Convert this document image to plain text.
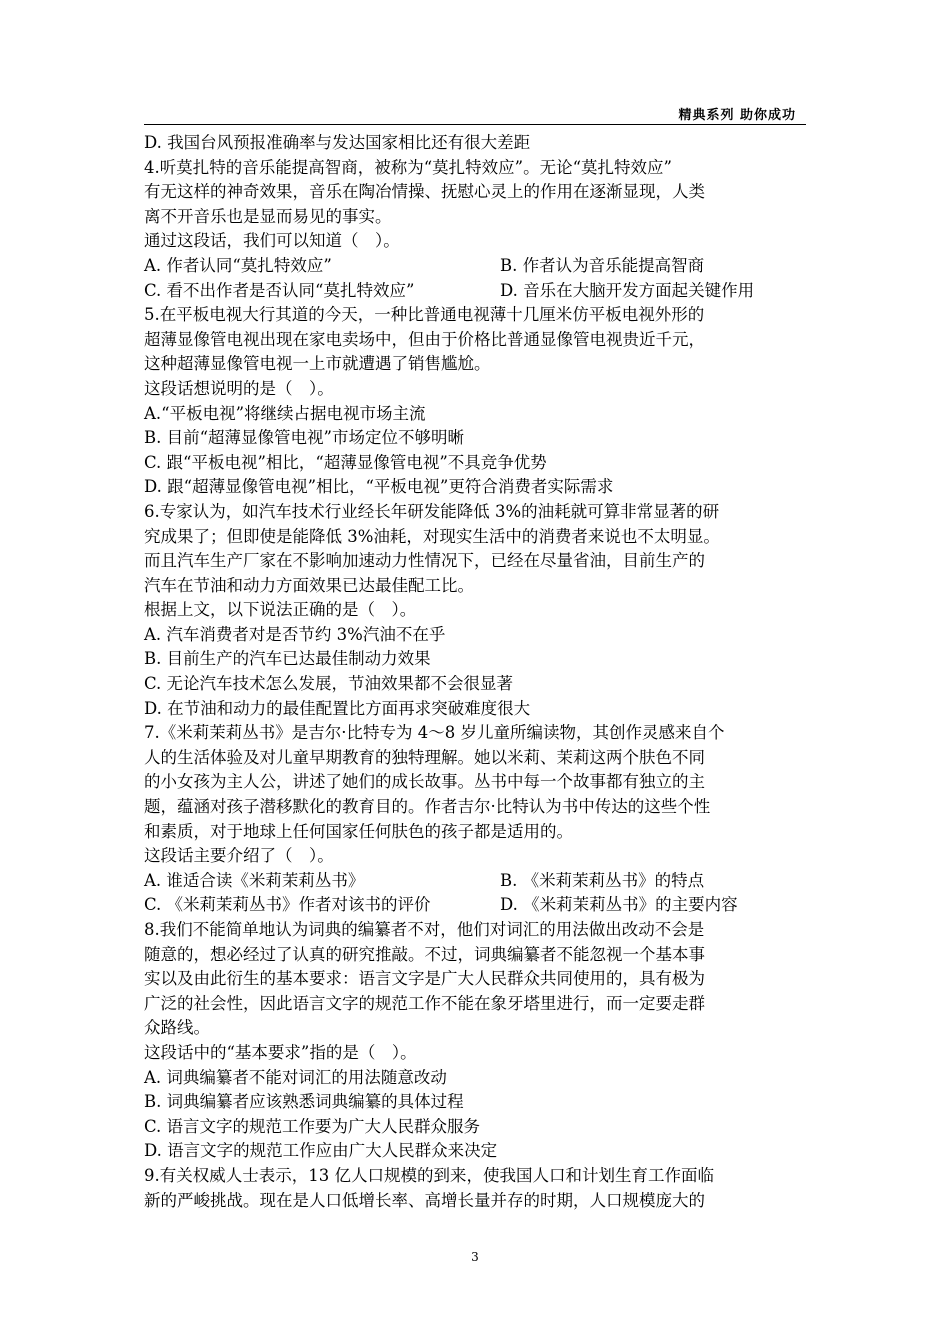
精典系列 助你成功
D. 我国台风预报准确率与发达国家相比还有很大差距
4.听莫扎特的音乐能提高智商，被称为“莫扎特效应”。无论“莫扎特效应”
有无这样的神奇效果，音乐在陶冶情操、抚慰心灵上的作用在逐渐显现，人类
离不开音乐也是显而易见的事实。
通过这段话，我们可以知道（　）。
A. 作者认同“莫扎特效应”	B. 作者认为音乐能提高智商
C. 看不出作者是否认同“莫扎特效应”	D. 音乐在大脑开发方面起关键作用
5.在平板电视大行其道的今天，一种比普通电视薄十几厘米仿平板电视外形的
超薄显像管电视出现在家电卖场中，但由于价格比普通显像管电视贵近千元，
这种超薄显像管电视一上市就遭遇了销售尴尬。
这段话想说明的是（　）。
A.“平板电视”将继续占据电视市场主流
B. 目前“超薄显像管电视”市场定位不够明晰
C. 跟“平板电视”相比，“超薄显像管电视”不具竞争优势
D. 跟“超薄显像管电视”相比，“平板电视”更符合消费者实际需求
6.专家认为，如汽车技术行业经长年研发能降低 3%的油耗就可算非常显著的研
究成果了；但即使是能降低 3%油耗，对现实生活中的消费者来说也不太明显。
而且汽车生产厂家在不影响加速动力性情况下，已经在尽量省油，目前生产的
汽车在节油和动力方面效果已达最佳配工比。
根据上文，以下说法正确的是（　）。
A. 汽车消费者对是否节约 3%汽油不在乎
B. 目前生产的汽车已达最佳制动力效果
C. 无论汽车技术怎么发展，节油效果都不会很显著
D. 在节油和动力的最佳配置比方面再求突破难度很大
7.《米莉茉莉丛书》是吉尔·比特专为 4～8 岁儿童所编读物，其创作灵感来自个
人的生活体验及对儿童早期教育的独特理解。她以米莉、茉莉这两个肤色不同
的小女孩为主人公，讲述了她们的成长故事。丛书中每一个故事都有独立的主
题，蕴涵对孩子潜移默化的教育目的。作者吉尔·比特认为书中传达的这些个性
和素质，对于地球上任何国家任何肤色的孩子都是适用的。
这段话主要介绍了（　）。
A. 谁适合读《米莉茉莉丛书》	B. 《米莉茉莉丛书》的特点
C. 《米莉茉莉丛书》作者对该书的评价	D. 《米莉茉莉丛书》的主要内容
8.我们不能简单地认为词典的编纂者不对，他们对词汇的用法做出改动不会是
随意的，想必经过了认真的研究推敲。不过，词典编纂者不能忽视一个基本事
实以及由此衍生的基本要求：语言文字是广大人民群众共同使用的，具有极为
广泛的社会性，因此语言文字的规范工作不能在象牙塔里进行，而一定要走群
众路线。
这段话中的“基本要求”指的是（　）。
A. 词典编纂者不能对词汇的用法随意改动
B. 词典编纂者应该熟悉词典编纂的具体过程
C. 语言文字的规范工作要为广大人民群众服务
D. 语言文字的规范工作应由广大人民群众来决定
9.有关权威人士表示，13 亿人口规模的到来，使我国人口和计划生育工作面临
新的严峻挑战。现在是人口低增长率、高增长量并存的时期，人口规模庞大的
3
